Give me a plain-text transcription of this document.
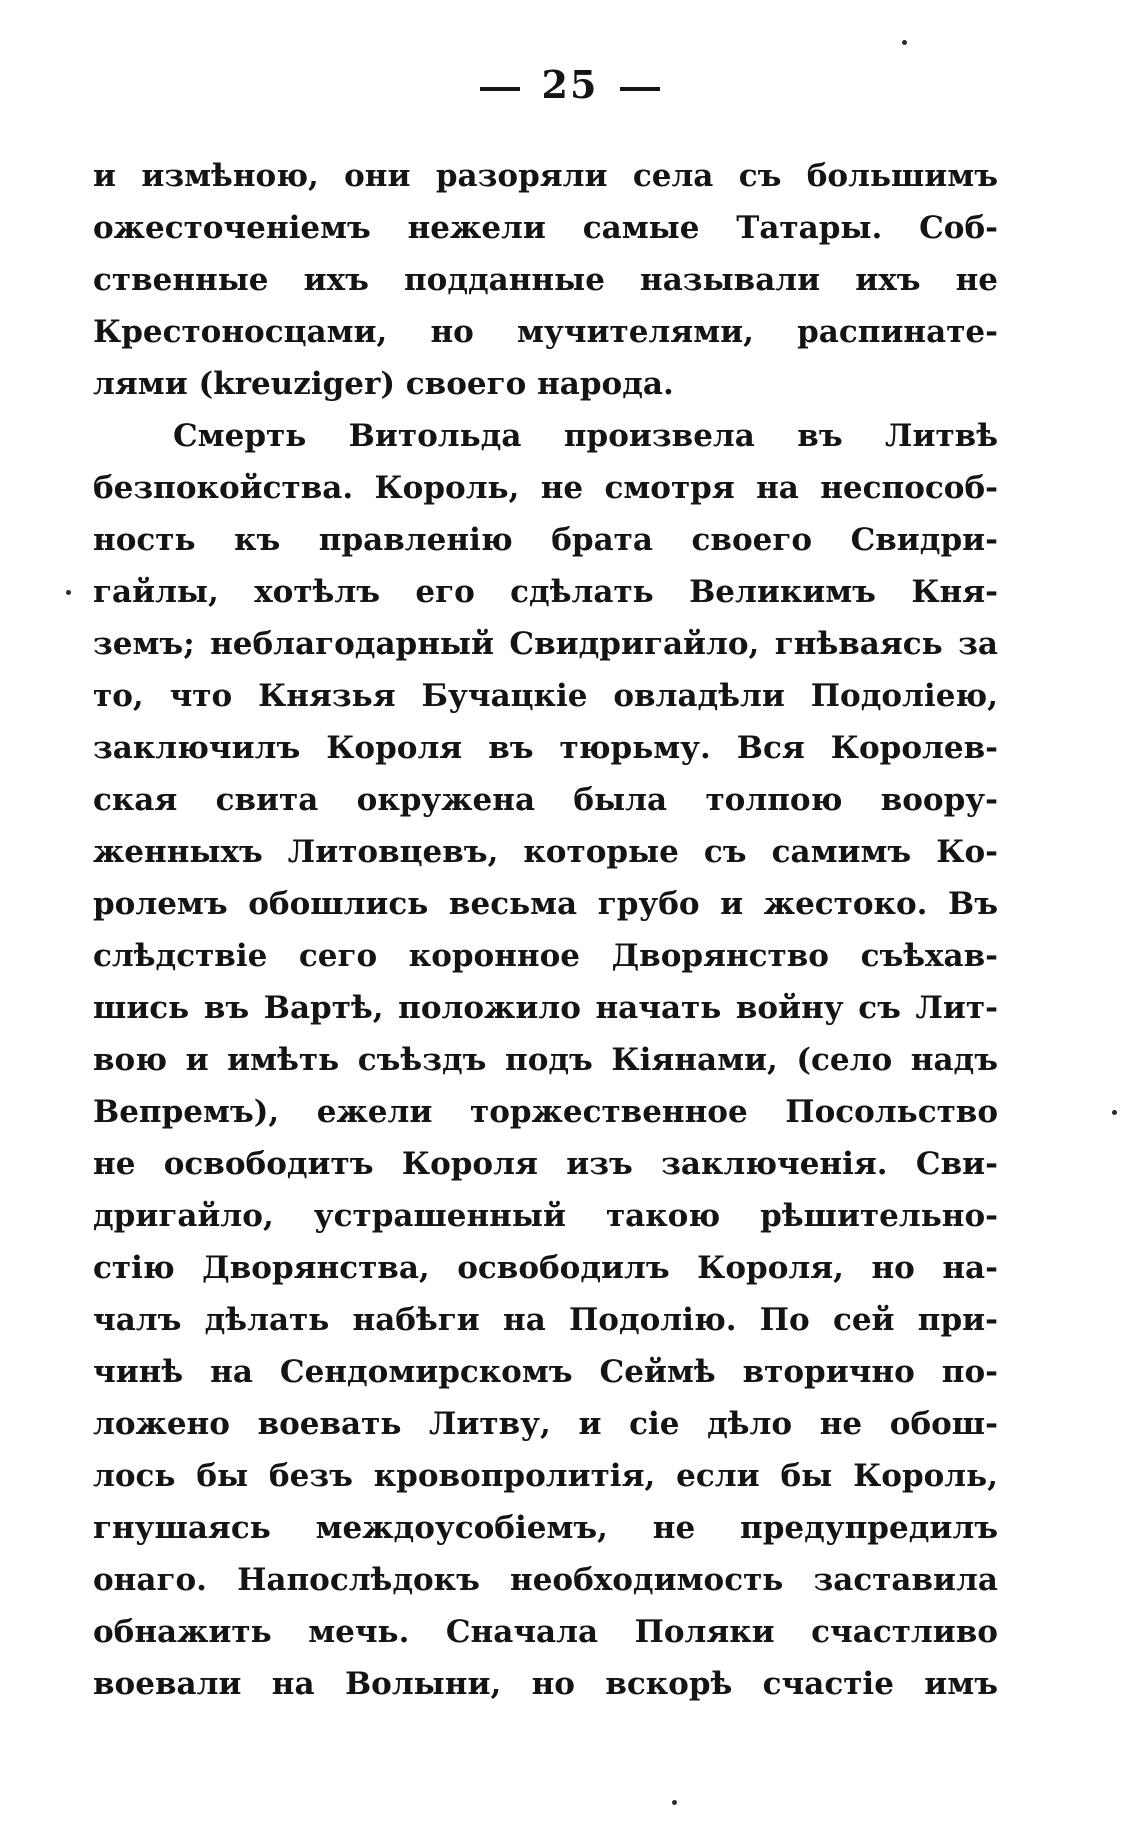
25
и измѣною, они разоряли села съ большимъ
ожесточеніемъ нежели самые Татары. Соб-
ственные ихъ подданные называли ихъ не
Крестоносцами, но мучителями, распинате-
лями (kreuziger) своего народа.
Смерть Витольда произвела въ Литвѣ
безпокойства. Король, не смотря на неспособ-
ность къ правленію брата своего Свидри-
гайлы, хотѣлъ его сдѣлать Великимъ Кня-
земъ; неблагодарный Свидригайло, гнѣваясь за
то, что Князья Бучацкіе овладѣли Подоліею,
заключилъ Короля въ тюрьму. Вся Королев-
ская свита окружена была толпою воору-
женныхъ Литовцевъ, которые съ самимъ Ко-
ролемъ обошлись весьма грубо и жестоко. Въ
слѣдствіе сего коронное Дворянство съѣхав-
шись въ Вартѣ, положило начать войну съ Лит-
вою и имѣть съѣздъ подъ Кіянами, (село надъ
Вепремъ), ежели торжественное Посольство
не освободитъ Короля изъ заключенія. Сви-
дригайло, устрашенный такою рѣшительно-
стію Дворянства, освободилъ Короля, но на-
чалъ дѣлать набѣги на Подолію. По сей при-
чинѣ на Сендомирскомъ Сеймѣ вторично по-
ложено воевать Литву, и сіе дѣло не обош-
лось бы безъ кровопролитія, если бы Король,
гнушаясь междоусобіемъ, не предупредилъ
онаго. Напослѣдокъ необходимость заставила
обнажить мечь. Сначала Поляки счастливо
воевали на Волыни, но вскорѣ счастіе имъ
